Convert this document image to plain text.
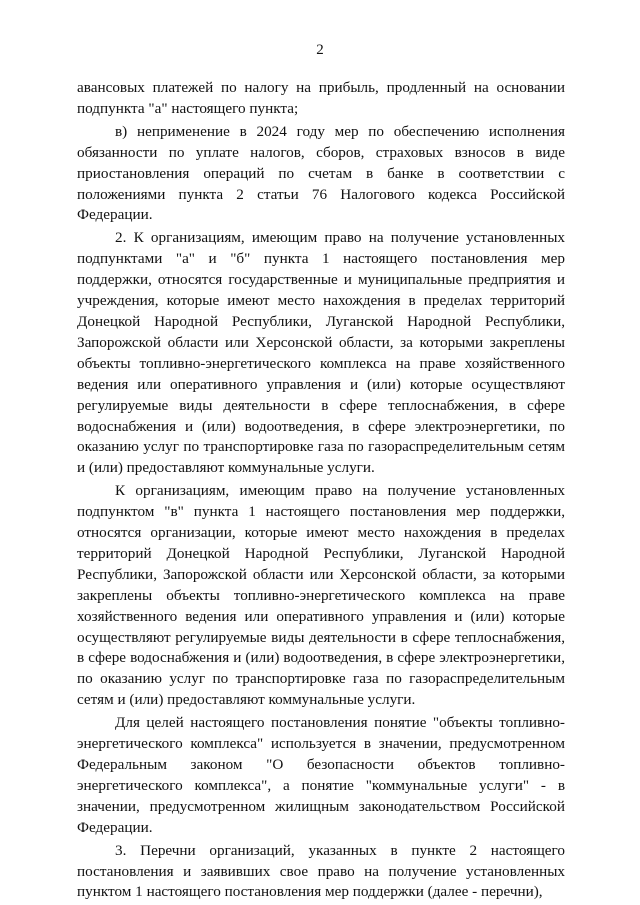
2

авансовых платежей по налогу на прибыль, продленный на основании подпункта "а" настоящего пункта;

в) неприменение в 2024 году мер по обеспечению исполнения обязанности по уплате налогов, сборов, страховых взносов в виде приостановления операций по счетам в банке в соответствии с положениями пункта 2 статьи 76 Налогового кодекса Российской Федерации.

2. К организациям, имеющим право на получение установленных подпунктами "а" и "б" пункта 1 настоящего постановления мер поддержки, относятся государственные и муниципальные предприятия и учреждения, которые имеют место нахождения в пределах территорий Донецкой Народной Республики, Луганской Народной Республики, Запорожской области или Херсонской области, за которыми закреплены объекты топливно-энергетического комплекса на праве хозяйственного ведения или оперативного управления и (или) которые осуществляют регулируемые виды деятельности в сфере теплоснабжения, в сфере водоснабжения и (или) водоотведения, в сфере электроэнергетики, по оказанию услуг по транспортировке газа по газораспределительным сетям и (или) предоставляют коммунальные услуги.

К организациям, имеющим право на получение установленных подпунктом "в" пункта 1 настоящего постановления мер поддержки, относятся организации, которые имеют место нахождения в пределах территорий Донецкой Народной Республики, Луганской Народной Республики, Запорожской области или Херсонской области, за которыми закреплены объекты топливно-энергетического комплекса на праве хозяйственного ведения или оперативного управления и (или) которые осуществляют регулируемые виды деятельности в сфере теплоснабжения, в сфере водоснабжения и (или) водоотведения, в сфере электроэнергетики, по оказанию услуг по транспортировке газа по газораспределительным сетям и (или) предоставляют коммунальные услуги.

Для целей настоящего постановления понятие "объекты топливно-энергетического комплекса" используется в значении, предусмотренном Федеральным законом "О безопасности объектов топливно-энергетического комплекса", а понятие "коммунальные услуги" - в значении, предусмотренном жилищным законодательством Российской Федерации.

3. Перечни организаций, указанных в пункте 2 настоящего постановления и заявивших свое право на получение установленных пунктом 1 настоящего постановления мер поддержки (далее - перечни),
